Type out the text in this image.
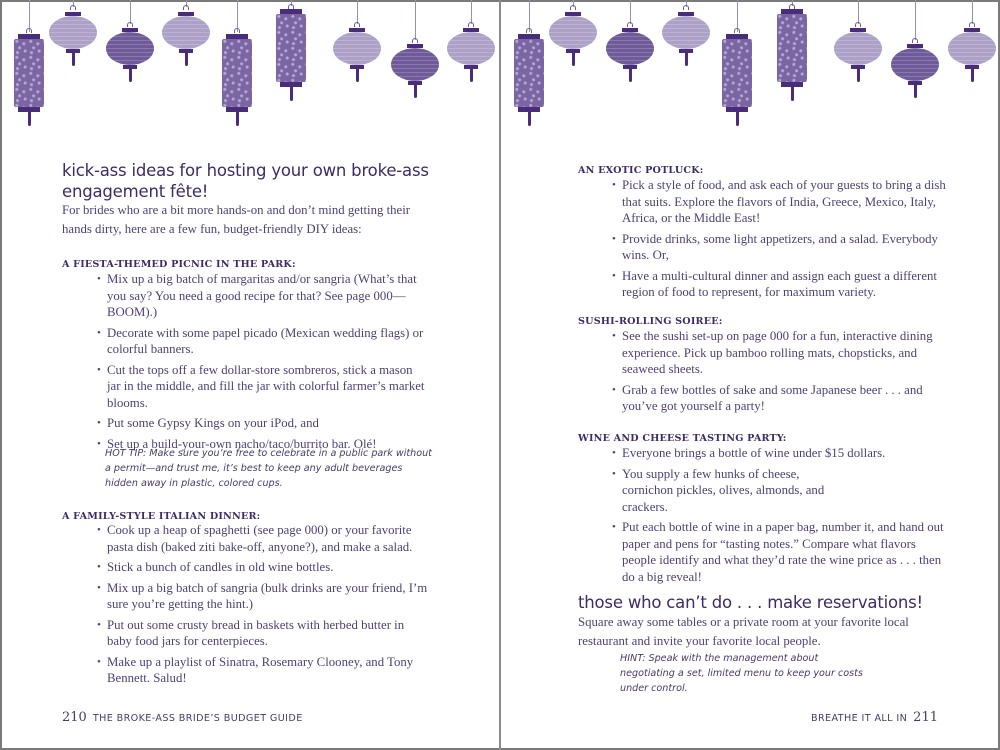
kick-ass ideas for hosting your own broke-ass
engagement fête!

For brides who are a bit more hands-on and don’t mind getting their hands dirty, here are a few fun, budget-friendly DIY ideas:

A FIESTA-THEMED PICNIC IN THE PARK:
• Mix up a big batch of margaritas and/or sangria (What’s that you say? You need a good recipe for that? See page 000—BOOM).)
• Decorate with some papel picado (Mexican wedding flags) or colorful banners.
• Cut the tops off a few dollar-store sombreros, stick a mason jar in the middle, and fill the jar with colorful farmer’s market blooms.
• Put some Gypsy Kings on your iPod, and
• Set up a build-your-own nacho/taco/burrito bar. Olé!

HOT TIP: Make sure you’re free to celebrate in a public park without a permit—and trust me, it’s best to keep any adult beverages hidden away in plastic, colored cups.

A FAMILY-STYLE ITALIAN DINNER:
• Cook up a heap of spaghetti (see page 000) or your favorite pasta dish (baked ziti bake-off, anyone?), and make a salad.
• Stick a bunch of candles in old wine bottles.
• Mix up a big batch of sangria (bulk drinks are your friend, I’m sure you’re getting the hint.)
• Put out some crusty bread in baskets with herbed butter in baby food jars for centerpieces.
• Make up a playlist of Sinatra, Rosemary Clooney, and Tony Bennett. Salud!
210 THE BROKE-ASS BRIDE’S BUDGET GUIDE
AN EXOTIC POTLUCK:
• Pick a style of food, and ask each of your guests to bring a dish that suits. Explore the flavors of India, Greece, Mexico, Italy, Africa, or the Middle East!
• Provide drinks, some light appetizers, and a salad. Everybody wins. Or,
• Have a multi-cultural dinner and assign each guest a different region of food to represent, for maximum variety.
SUSHI-ROLLING SOIREE:
• See the sushi set-up on page 000 for a fun, interactive dining experience. Pick up bamboo rolling mats, chopsticks, and seaweed sheets.
• Grab a few bottles of sake and some Japanese beer . . . and you’ve got yourself a party!
WINE AND CHEESE TASTING PARTY:
• Everyone brings a bottle of wine under $15 dollars.
• You supply a few hunks of cheese, cornichon pickles, olives, almonds, and crackers.
• Put each bottle of wine in a paper bag, number it, and hand out paper and pens for “tasting notes.” Compare what flavors people identify and what they’d rate the wine price as . . . then do a big reveal!
those who can’t do . . . make reservations!

Square away some tables or a private room at your favorite local restaurant and invite your favorite local people.

HINT: Speak with the management about negotiating a set, limited menu to keep your costs under control.

BREATHE IT ALL IN 211
